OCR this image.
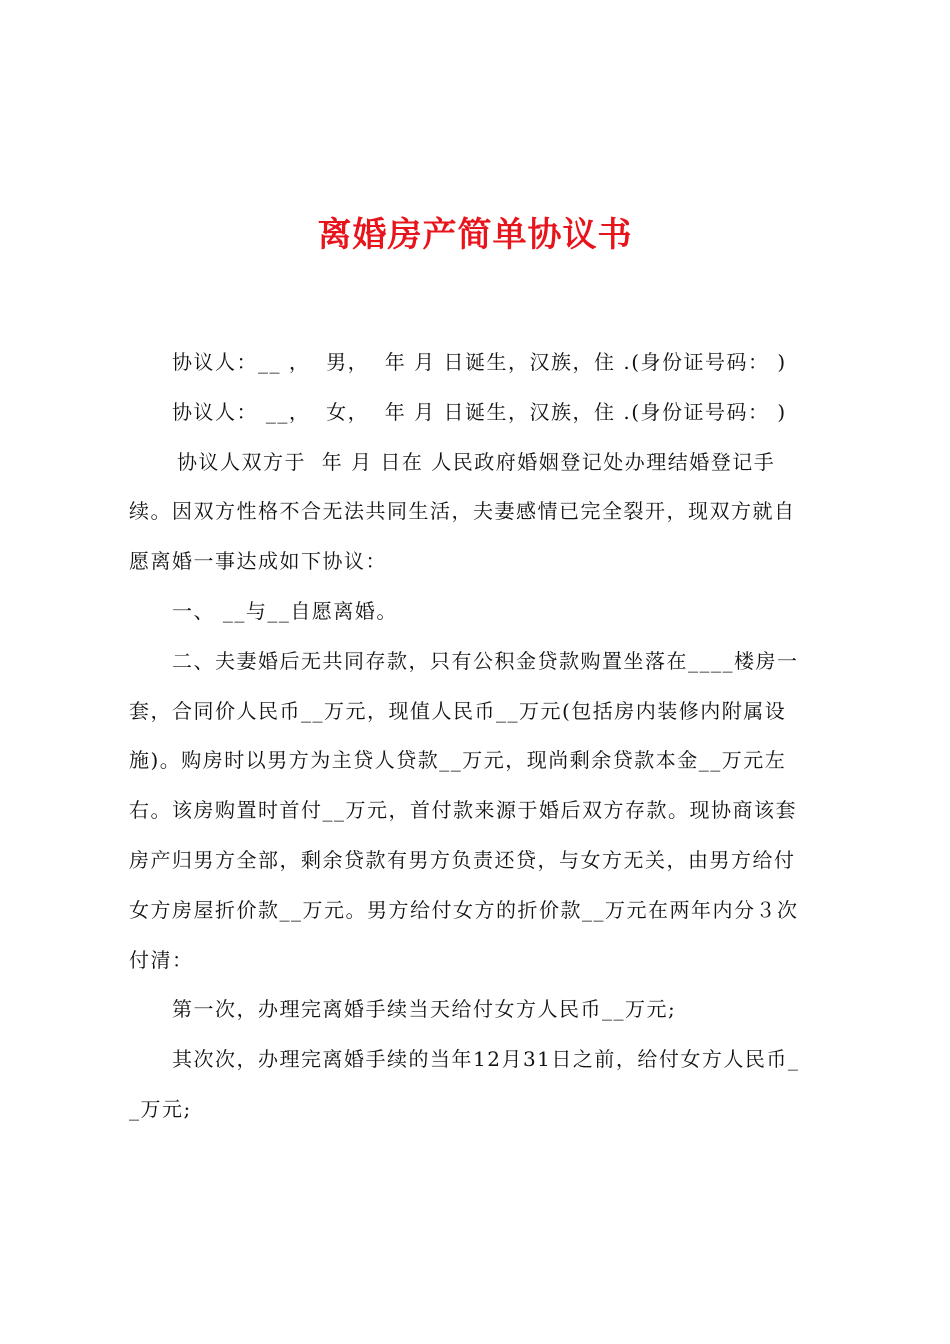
离婚房产简单协议书
协议人：__ ，  男，  年 月 日诞生，汉族，住 .(身份证号码： )
协议人： __，  女，  年 月 日诞生，汉族，住 .(身份证号码： )
协议人双方于  年 月 日在 人民政府婚姻登记处办理结婚登记手
续。因双方性格不合无法共同生活，夫妻感情已完全裂开，现双方就自
愿离婚一事达成如下协议：
一、 __与__自愿离婚。
二、夫妻婚后无共同存款，只有公积金贷款购置坐落在____楼房一
套，合同价人民币__万元，现值人民币__万元(包括房内装修内附属设
施)。购房时以男方为主贷人贷款__万元，现尚剩余贷款本金__万元左
右。该房购置时首付__万元，首付款来源于婚后双方存款。现协商该套
房产归男方全部，剩余贷款有男方负责还贷，与女方无关，由男方给付
女方房屋折价款__万元。男方给付女方的折价款__万元在两年内分３次
付清：
第一次，办理完离婚手续当天给付女方人民币__万元;
其次次，办理完离婚手续的当年12月31日之前，给付女方人民币_
_万元;
